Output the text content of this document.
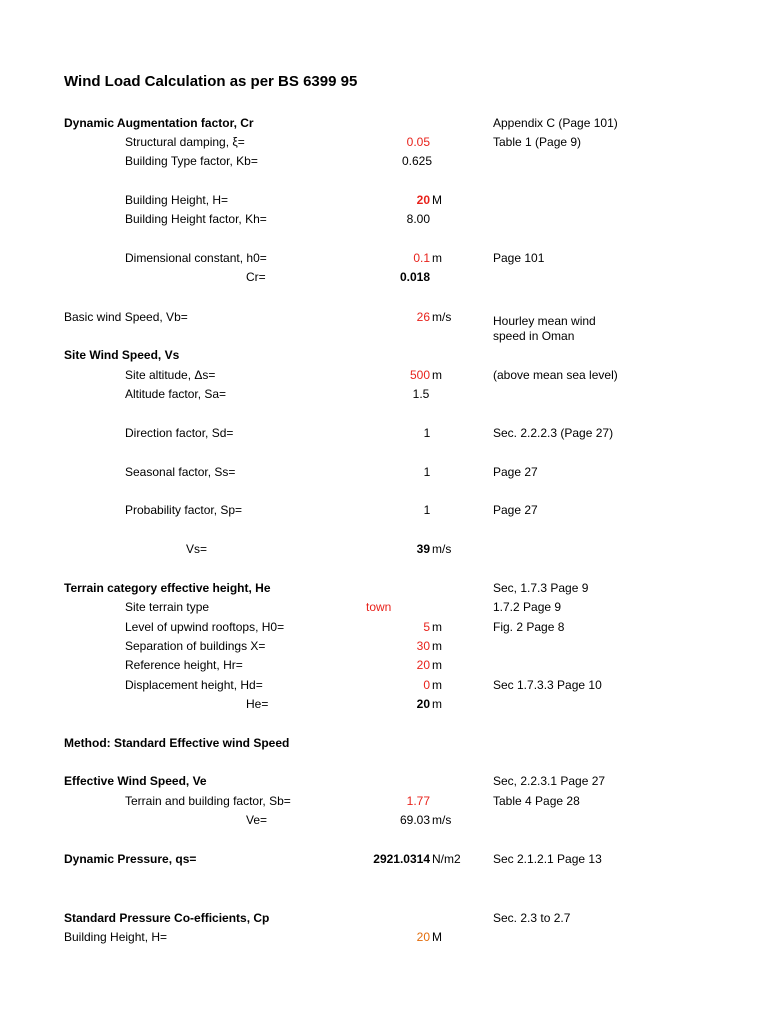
Wind Load Calculation as per BS 6399 95
Dynamic Augmentation factor, Cr	Appendix C (Page 101)
Structural damping, ξ=	0.05	Table 1 (Page 9)
Building Type factor, Kb=	0.625
Building Height, H=	20 M
Building Height factor, Kh=	8.00
Dimensional constant, h0=	0.1 m	Page 101
Cr=	0.018
Basic wind Speed, Vb=	26 m/s	Hourley mean wind
speed in Oman
Site Wind Speed, Vs
Site altitude, Δs=	500 m	(above mean sea level)
Altitude factor, Sa=	1.5
Direction factor, Sd=	1	Sec. 2.2.2.3 (Page 27)
Seasonal factor, Ss=	1	Page 27
Probability factor, Sp=	1	Page 27
Vs=	39 m/s
Terrain category effective height, He	Sec, 1.7.3 Page 9
Site terrain type	town	1.7.2 Page 9
Level of upwind rooftops, H0=	5 m	Fig. 2 Page 8
Separation of buildings X=	30 m
Reference height, Hr=	20 m
Displacement height, Hd=	0 m	Sec 1.7.3.3 Page 10
He=	20 m
Method: Standard Effective wind Speed
Effective Wind Speed, Ve	Sec, 2.2.3.1 Page 27
Terrain and building factor, Sb=	1.77	Table 4 Page 28
Ve=	69.03 m/s
Dynamic Pressure, qs=	2921.0314 N/m2	Sec 2.1.2.1 Page 13
Standard Pressure Co-efficients, Cp	Sec. 2.3 to 2.7
Building Height, H=	20 M
